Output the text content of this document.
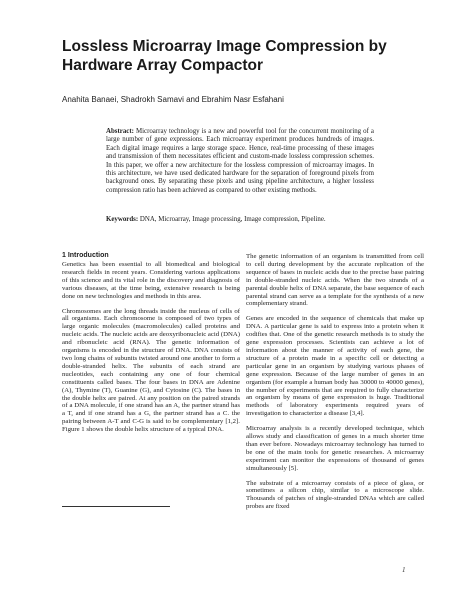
Lossless Microarray Image Compression by Hardware Array Compactor
Anahita Banaei, Shadrokh Samavi and Ebrahim Nasr Esfahani

Abstract: Microarray technology is a new and powerful tool for the concurrent monitoring of a large number of gene expressions. Each microarray experiment produces hundreds of images. Each digital image requires a large storage space. Hence, real-time processing of these images and transmission of them necessitates efficient and custom-made lossless compression schemes. In this paper, we offer a new architecture for the lossless compression of microarray images. In this architecture, we have used dedicated hardware for the separation of foreground pixels from background ones. By separating these pixels and using pipeline architecture, a higher lossless compression ratio has been achieved as compared to other existing methods.

Keywords: DNA, Microarray, Image processing, Image compression, Pipeline.

1 Introduction

Genetics has been essential to all biomedical and biological research fields in recent years. Considering various applications of this science and its vital role in the discovery and diagnosis of various diseases, at the time being, extensive research is being done on new technologies and methods in this area.

Chromosomes are the long threads inside the nucleus of cells of all organisms. Each chromosome is composed of two types of large organic molecules (macromolecules) called proteins and nucleic acids. The nucleic acids are deoxyribonucleic acid (DNA) and ribonucleic acid (RNA). The genetic information of organisms is encoded in the structure of DNA. DNA consists of two long chains of subunits twisted around one another to form a double-stranded helix. The subunits of each strand are nucleotides, each containing any one of four chemical constituents called bases. The four bases in DNA are Adenine (A), Thymine (T), Guanine (G), and Cytosine (C). The bases in the double helix are paired. At any position on the paired strands of a DNA molecule, if one strand has an A, the partner strand has a T, and if one strand has a G, the partner strand has a C. the pairing between A-T and C-G is said to be complementary [1,2]. Figure 1 shows the double helix structure of a typical DNA.

The genetic information of an organism is transmitted from cell to cell during development by the accurate replication of the sequence of bases in nucleic acids due to the precise base pairing in double-stranded nucleic acids. When the two strands of a parental double helix of DNA separate, the base sequence of each parental strand can serve as a template for the synthesis of a new complementary strand.

Genes are encoded in the sequence of chemicals that make up DNA. A particular gene is said to express into a protein when it codifies that. One of the genetic research methods is to study the gene expression processes. Scientists can achieve a lot of information about the manner of activity of each gene, the structure of a protein made in a specific cell or detecting a particular gene in an organism by studying various phases of gene expression. Because of the large number of genes in an organism (for example a human body has 30000 to 40000 genes), the number of experiments that are required to fully characterize an organism by means of gene expression is huge. Traditional methods of laboratory experiments required years of investigation to characterize a disease [3,4].

Microarray analysis is a recently developed technique, which allows study and classification of genes in a much shorter time than ever before. Nowadays microarray technology has turned to be one of the main tools for genetic researches. A microarray experiment can monitor the expressions of thousand of genes simultaneously [5].

The substrate of a microarray consists of a piece of glass, or sometimes a silicon chip, similar to a microscope slide. Thousands of patches of single-stranded DNAs which are called probes are fixed

1
